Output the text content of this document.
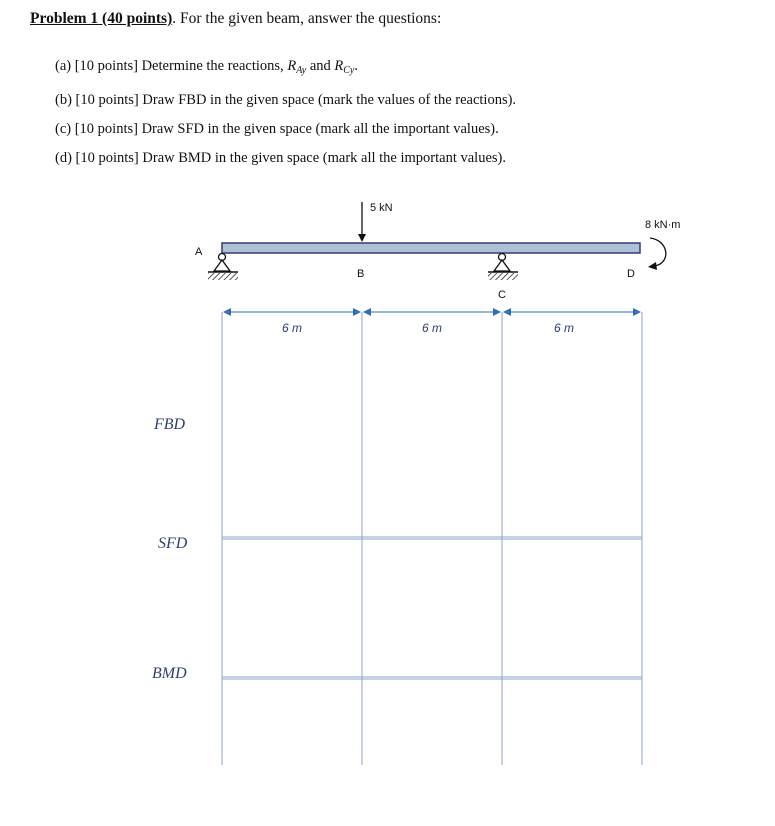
Problem 1 (40 points). For the given beam, answer the questions:
(a) [10 points] Determine the reactions, $R_{Ay}$ and $R_{Cy}$.
(b) [10 points] Draw FBD in the given space (mark the values of the reactions).
(c) [10 points] Draw SFD in the given space (mark all the important values).
(d) [10 points] Draw BMD in the given space (mark all the important values).
6 m	6 m	6 m
5 kN
8 kN·m
A
B
C
D
FBD
SFD
BMD
